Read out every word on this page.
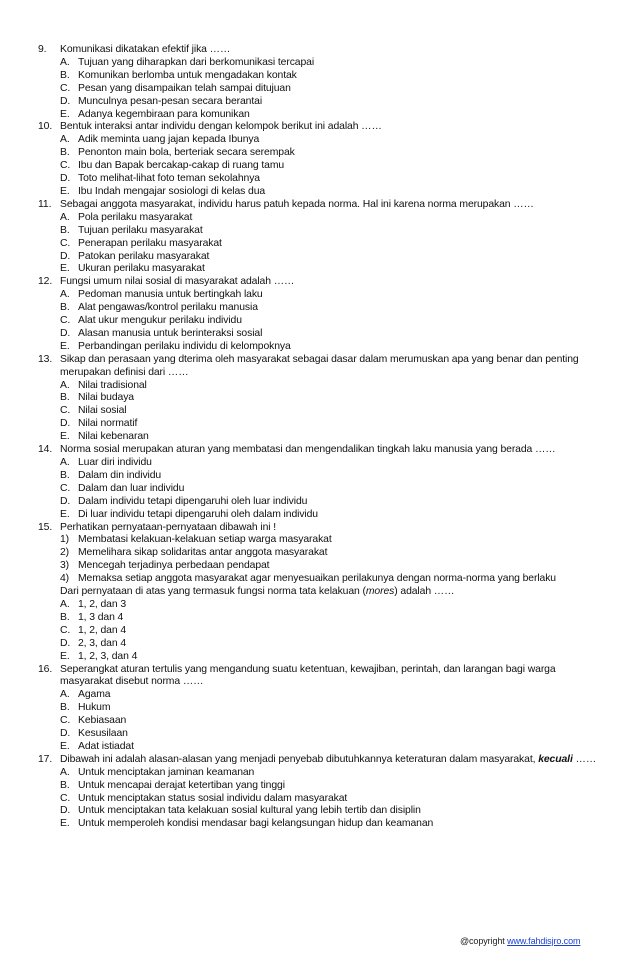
9.	Komunikasi dikatakan efektif jika ……
A. Tujuan yang diharapkan dari berkomunikasi tercapai
B. Komunikan berlomba untuk mengadakan kontak
C. Pesan yang disampaikan telah sampai ditujuan
D. Munculnya pesan-pesan secara berantai
E. Adanya kegembiraan para komunikan
10. Bentuk interaksi antar individu dengan kelompok berikut ini adalah ……
A. Adik meminta uang jajan kepada Ibunya
B. Penonton main bola, berteriak secara serempak
C. Ibu dan Bapak bercakap-cakap di ruang tamu
D. Toto melihat-lihat foto teman sekolahnya
E. Ibu Indah mengajar sosiologi di kelas dua
11. Sebagai anggota masyarakat, individu harus patuh kepada norma. Hal ini karena norma merupakan ……
A. Pola perilaku masyarakat
B. Tujuan perilaku masyarakat
C. Penerapan perilaku masyarakat
D. Patokan perilaku masyarakat
E. Ukuran perilaku masyarakat
12. Fungsi umum nilai sosial di masyarakat adalah ……
A. Pedoman manusia untuk bertingkah laku
B. Alat pengawas/kontrol perilaku manusia
C. Alat ukur mengukur perilaku individu
D. Alasan manusia untuk berinteraksi sosial
E. Perbandingan perilaku individu di kelompoknya
13. Sikap dan perasaan yang dterima oleh masyarakat sebagai dasar dalam merumuskan apa yang benar dan penting merupakan definisi dari ……
A. Nilai tradisional
B. Nilai budaya
C. Nilai sosial
D. Nilai normatif
E. Nilai kebenaran
14. Norma sosial merupakan aturan yang membatasi dan mengendalikan tingkah laku manusia yang berada ……
A. Luar diri individu
B. Dalam din individu
C. Dalam dan luar individu
D. Dalam individu tetapi dipengaruhi oleh luar individu
E. Di luar individu tetapi dipengaruhi oleh dalam individu
15. Perhatikan pernyataan-pernyataan dibawah ini !
1) Membatasi kelakuan-kelakuan setiap warga masyarakat
2) Memelihara sikap solidaritas antar anggota masyarakat
3) Mencegah terjadinya perbedaan pendapat
4) Memaksa setiap anggota masyarakat agar menyesuaikan perilakunya dengan norma-norma yang berlaku
Dari pernyataan di atas yang termasuk fungsi norma tata kelakuan (mores) adalah ……
A. 1, 2, dan 3
B. 1, 3 dan 4
C. 1, 2, dan 4
D. 2, 3, dan 4
E. 1, 2, 3, dan 4
16. Seperangkat aturan tertulis yang mengandung suatu ketentuan, kewajiban, perintah, dan larangan bagi warga masyarakat disebut norma ……
A. Agama
B. Hukum
C. Kebiasaan
D. Kesusilaan
E. Adat istiadat
17. Dibawah ini adalah alasan-alasan yang menjadi penyebab dibutuhkannya keteraturan dalam masyarakat, kecuali ……
A. Untuk menciptakan jaminan keamanan
B. Untuk mencapai derajat ketertiban yang tinggi
C. Untuk menciptakan status sosial individu dalam masyarakat
D. Untuk menciptakan tata kelakuan sosial kultural yang lebih tertib dan disiplin
E. Untuk memperoleh kondisi mendasar bagi kelangsungan hidup dan keamanan
@copyright www.fahdisjro.com
